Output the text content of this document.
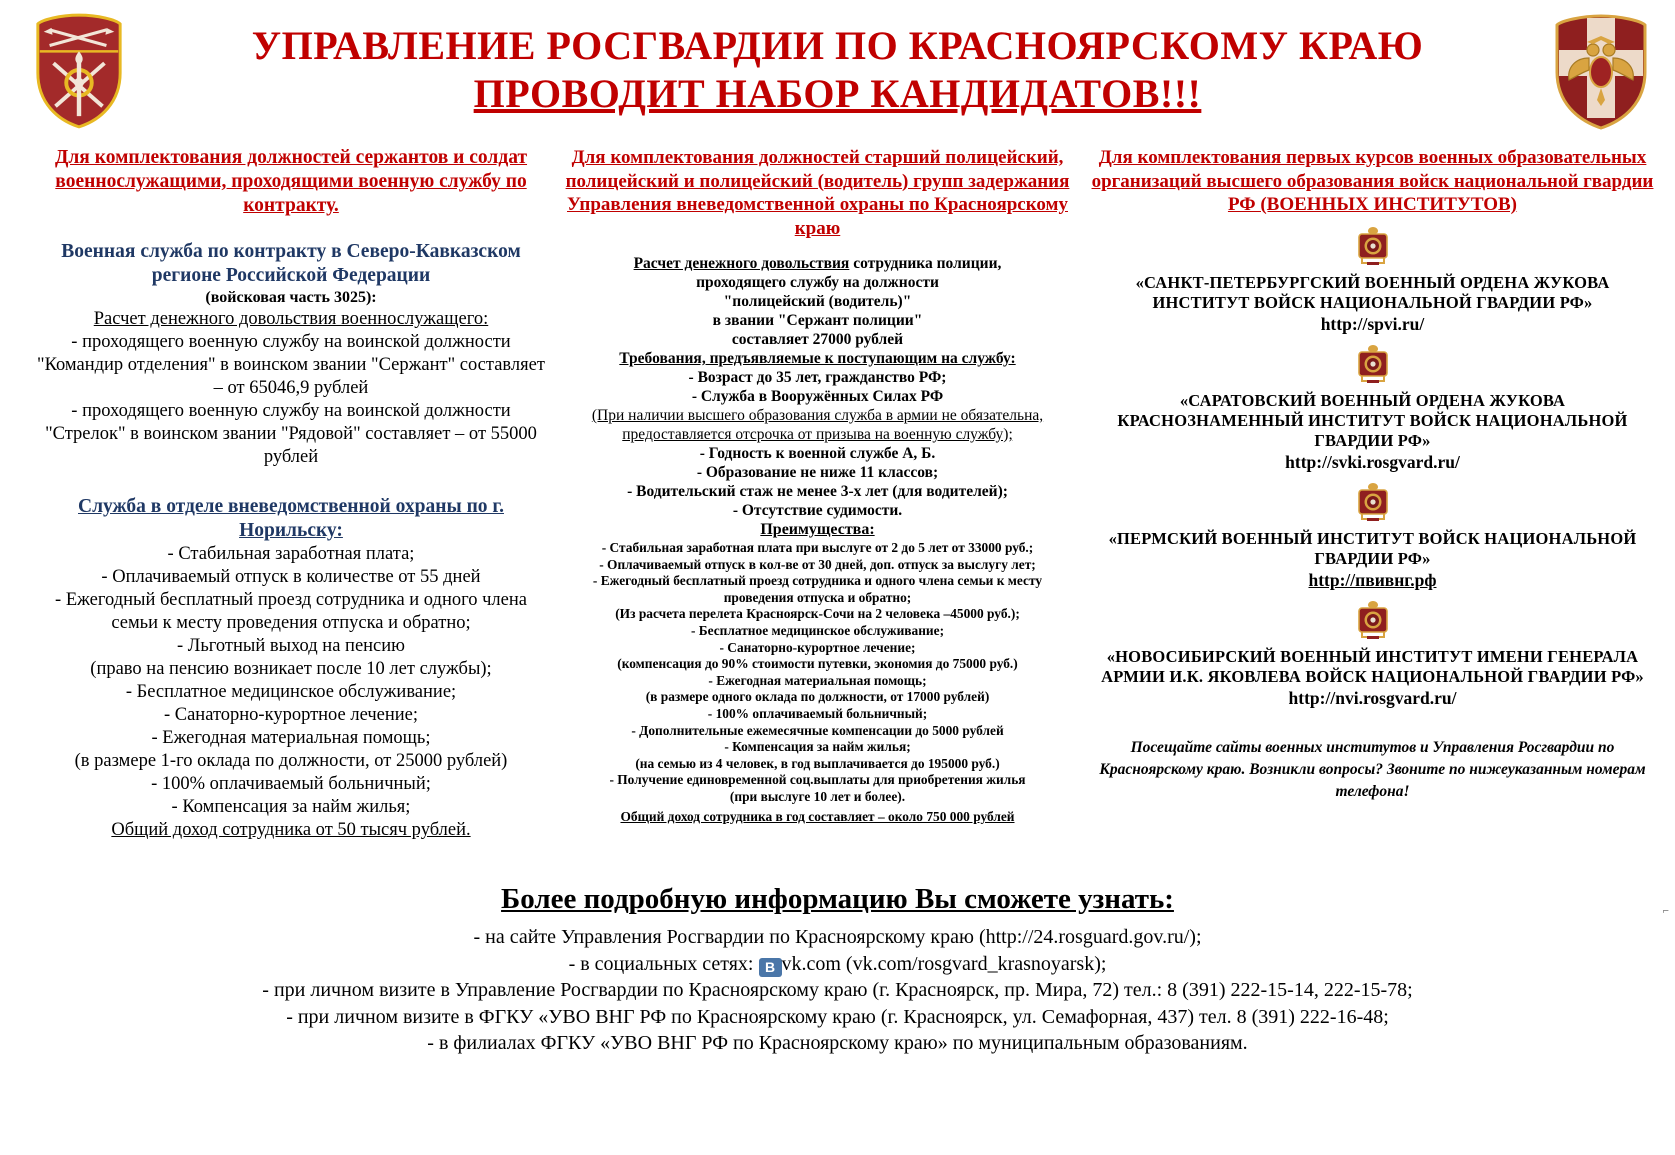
УПРАВЛЕНИЕ РОСГВАРДИИ ПО КРАСНОЯРСКОМУ КРАЮ
ПРОВОДИТ НАБОР КАНДИДАТОВ!!!
Для комплектования должностей сержантов и солдат военнослужащими, проходящими военную службу по контракту.
Военная служба по контракту в Северо-Кавказском регионе Российской Федерации
(войсковая часть 3025):
Расчет денежного довольствия военнослужащего:

- проходящего военную службу на воинской должности "Командир отделения" в воинском звании "Сержант" составляет – от 65046,9 рублей

- проходящего военную службу на воинской должности "Стрелок" в воинском звании "Рядовой" составляет – от 55000 рублей

Служба в отделе вневедомственной охраны по г. Норильску:

- Стабильная заработная плата;

- Оплачиваемый отпуск в количестве от 55 дней

- Ежегодный бесплатный проезд сотрудника и одного члена семьи к месту проведения отпуска и обратно;

- Льготный выход на пенсию

(право на пенсию возникает после 10 лет службы);

- Бесплатное медицинское обслуживание;

- Санаторно-курортное лечение;

- Ежегодная материальная помощь;

(в размере 1-го оклада по должности, от 25000 рублей)

- 100% оплачиваемый больничный;

- Компенсация за найм жилья;

Общий доход сотрудника от 50 тысяч рублей.
Для комплектования должностей старший полицейский, полицейский и полицейский (водитель) групп задержания Управления вневедомственной охраны по Красноярскому краю

Расчет денежного довольствия сотрудника полиции,

проходящего службу на должности

"полицейский (водитель)"

в звании "Сержант полиции"

составляет 27000 рублей

Требования, предъявляемые к поступающим на службу:

- Возраст до 35 лет, гражданство РФ;

- Служба в Вооружённых Силах РФ

(При наличии высшего образования служба в армии не обязательна, предоставляется отсрочка от призыва на военную службу);

- Годность к военной службе А, Б.

- Образование не ниже 11 классов;

- Водительский стаж не менее 3-х лет (для водителей);

- Отсутствие судимости.

Преимущества:

- Стабильная заработная плата при выслуге от 2 до 5 лет от 33000 руб.;

- Оплачиваемый отпуск в кол-ве от 30 дней, доп. отпуск за выслугу лет;

- Ежегодный бесплатный проезд сотрудника и одного члена семьи к месту проведения отпуска и обратно;

(Из расчета перелета Красноярск-Сочи на 2 человека –45000 руб.);

- Бесплатное медицинское обслуживание;

- Санаторно-курортное лечение;

(компенсация до 90% стоимости путевки, экономия до 75000 руб.)

- Ежегодная материальная помощь;

(в размере одного оклада по должности, от 17000 рублей)

- 100% оплачиваемый больничный;

- Дополнительные ежемесячные компенсации до 5000 рублей

- Компенсация за найм жилья;

(на семью из 4 человек, в год выплачивается до 195000 руб.)

- Получение единовременной соц.выплаты для приобретения жилья

(при выслуге 10 лет и более).

Общий доход сотрудника в год составляет – около 750 000 рублей
Для комплектования первых курсов военных образовательных организаций высшего образования войск национальной гвардии РФ (ВОЕННЫХ ИНСТИТУТОВ)
«САНКТ-ПЕТЕРБУРГСКИЙ ВОЕННЫЙ ОРДЕНА ЖУКОВА ИНСТИТУТ ВОЙСК НАЦИОНАЛЬНОЙ ГВАРДИИ РФ»
http://spvi.ru/
«САРАТОВСКИЙ ВОЕННЫЙ ОРДЕНА ЖУКОВА КРАСНОЗНАМЕННЫЙ ИНСТИТУТ ВОЙСК НАЦИОНАЛЬНОЙ ГВАРДИИ РФ»
http://svki.rosgvard.ru/
«ПЕРМСКИЙ ВОЕННЫЙ ИНСТИТУТ ВОЙСК НАЦИОНАЛЬНОЙ ГВАРДИИ РФ»
http://пвивнг.рф
«НОВОСИБИРСКИЙ ВОЕННЫЙ ИНСТИТУТ ИМЕНИ ГЕНЕРАЛА АРМИИ И.К. ЯКОВЛЕВА ВОЙСК НАЦИОНАЛЬНОЙ ГВАРДИИ РФ»
http://nvi.rosgvard.ru/
Посещайте сайты военных институтов и Управления Росгвардии по Красноярскому краю. Возникли вопросы? Звоните по нижеуказанным номерам телефона!
Более подробную информацию Вы сможете узнать:
- на сайте Управления Росгвардии по Красноярскому краю (http://24.rosguard.gov.ru/);
- в социальных сетях: В vk.com (vk.com/rosgvard_krasnoyarsk);
- при личном визите в Управление Росгвардии по Красноярскому краю (г. Красноярск, пр. Мира, 72) тел.: 8 (391) 222-15-14, 222-15-78;
- при личном визите в ФГКУ «УВО ВНГ РФ по Красноярскому краю (г. Красноярск, ул. Семафорная, 437) тел. 8 (391) 222-16-48;
- в филиалах ФГКУ «УВО ВНГ РФ по Красноярскому краю» по муниципальным образованиям.
⌐
